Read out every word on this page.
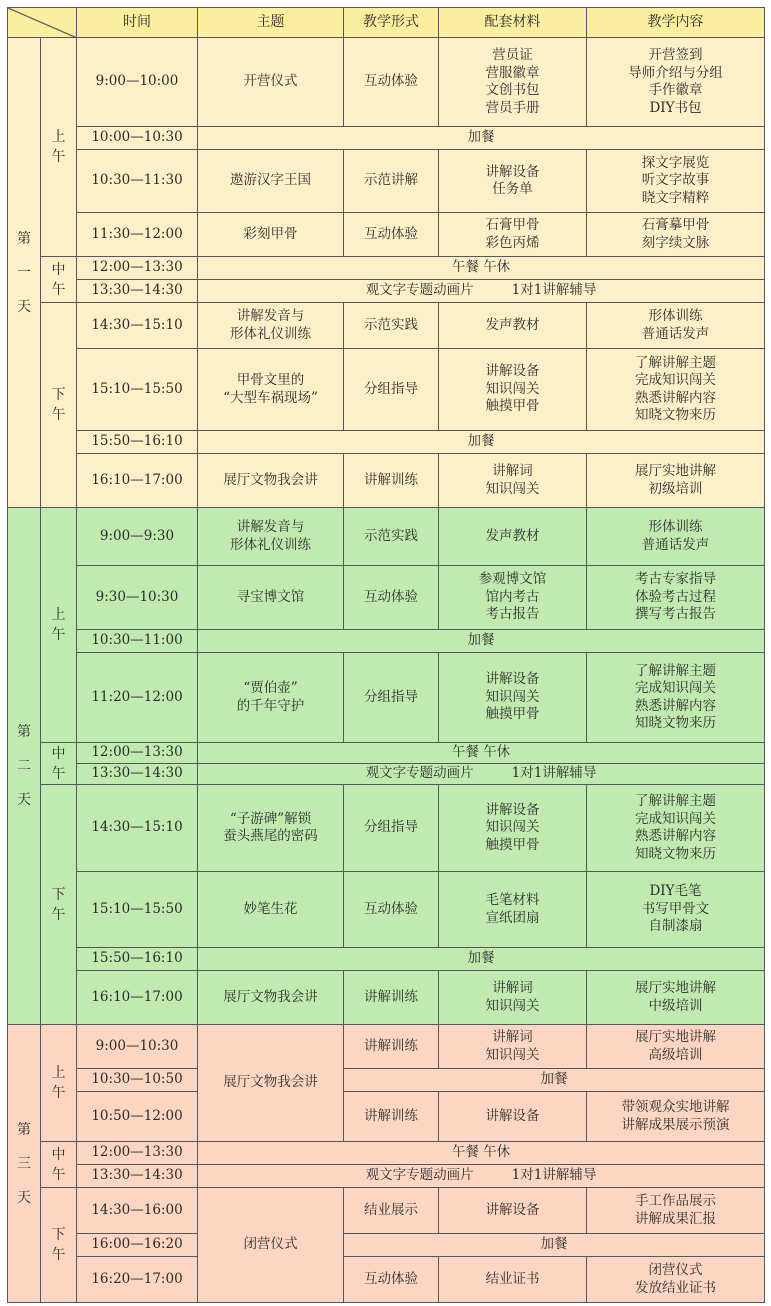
	时间	主题	教学形式	配套材料	教学内容

第
一
天	上
午	9:00—10:00	开营仪式	互动体验	营员证
营服徽章
文创书包
营员手册	开营签到
导师介绍与分组
手作徽章
DIY书包

		10:00—10:30	加餐			
		10:30—11:30	遨游汉字王国	示范讲解	讲解设备
任务单	探文字展览
听文字故事
晓文字精粹

		11:30—12:00	彩刻甲骨	互动体验	石膏甲骨
彩色丙烯	石膏摹甲骨
刻字续文脉

	中
午	12:00—13:30	午餐 午休			
		13:30—14:30	观文字专题动画片 1对1讲解辅导			

	下
午	14:30—15:10	讲解发音与
形体礼仪训练	示范实践	发声教材	形体训练
普通话发声

		15:10—15:50	甲骨文里的
“大型车祸现场”	分组指导	讲解设备
知识闯关
触摸甲骨	了解讲解主题
完成知识闯关
熟悉讲解内容
知晓文物来历

		15:50—16:10	加餐			
		16:10—17:00	展厅文物我会讲	讲解训练	讲解词
知识闯关	展厅实地讲解
初级培训

第
二
天	上
午	9:00—9:30	讲解发音与
形体礼仪训练	示范实践	发声教材	形体训练
普通话发声

		9:30—10:30	寻宝博文馆	互动体验	参观博文馆
馆内考古
考古报告	考古专家指导
体验考古过程
撰写考古报告

		10:30—11:00	加餐			
		11:20—12:00	“贾伯壶”
的千年守护	分组指导	讲解设备
知识闯关
触摸甲骨	了解讲解主题
完成知识闯关
熟悉讲解内容
知晓文物来历

	中
午	12:00—13:30	午餐 午休			
		13:30—14:30	观文字专题动画片 1对1讲解辅导			

	下
午	14:30—15:10	“子游碑”解锁
蚕头燕尾的密码	分组指导	讲解设备
知识闯关
触摸甲骨	了解讲解主题
完成知识闯关
熟悉讲解内容
知晓文物来历

		15:10—15:50	妙笔生花	互动体验	毛笔材料
宣纸团扇	DIY毛笔
书写甲骨文
自制漆扇

		15:50—16:10	加餐			
		16:10—17:00	展厅文物我会讲	讲解训练	讲解词
知识闯关	展厅实地讲解
中级培训

第
三
天	上
午	9:00—10:30	展厅文物我会讲	讲解训练	讲解词
知识闯关	展厅实地讲解
高级培训

		10:30—10:50		加餐		
		10:50—12:00		讲解训练	讲解设备	带领观众实地讲解
讲解成果展示预演

	中
午	12:00—13:30	午餐 午休			
		13:30—14:30	观文字专题动画片 1对1讲解辅导			

	下
午	14:30—16:00	闭营仪式	结业展示	讲解设备	手工作品展示
讲解成果汇报

		16:00—16:20		加餐		
		16:20—17:00		互动体验	结业证书	闭营仪式
发放结业证书
